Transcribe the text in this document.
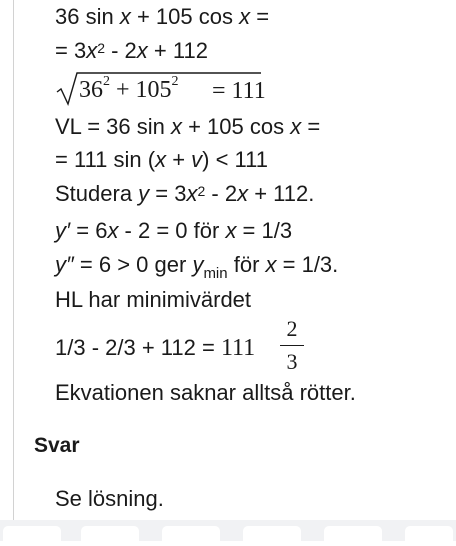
36 sin x + 105 cos x =
= $3x^2 - 2x + 112$
$36^2 + 105^2 = 111$
VL = 36 sin x + 105 cos x =
= 111 sin (x + v) < 111
Studera $y = 3x^2 - 2x + 112$.
y′ = 6x - 2 = 0 för x = 1/3
y″ = 6 > 0 ger $y_{min}$ för x = 1/3.
HL har minimivärdet
1/3 - 2/3 + 112 = 111
2
3
Ekvationen saknar alltså rötter.
Svar
Se lösning.
